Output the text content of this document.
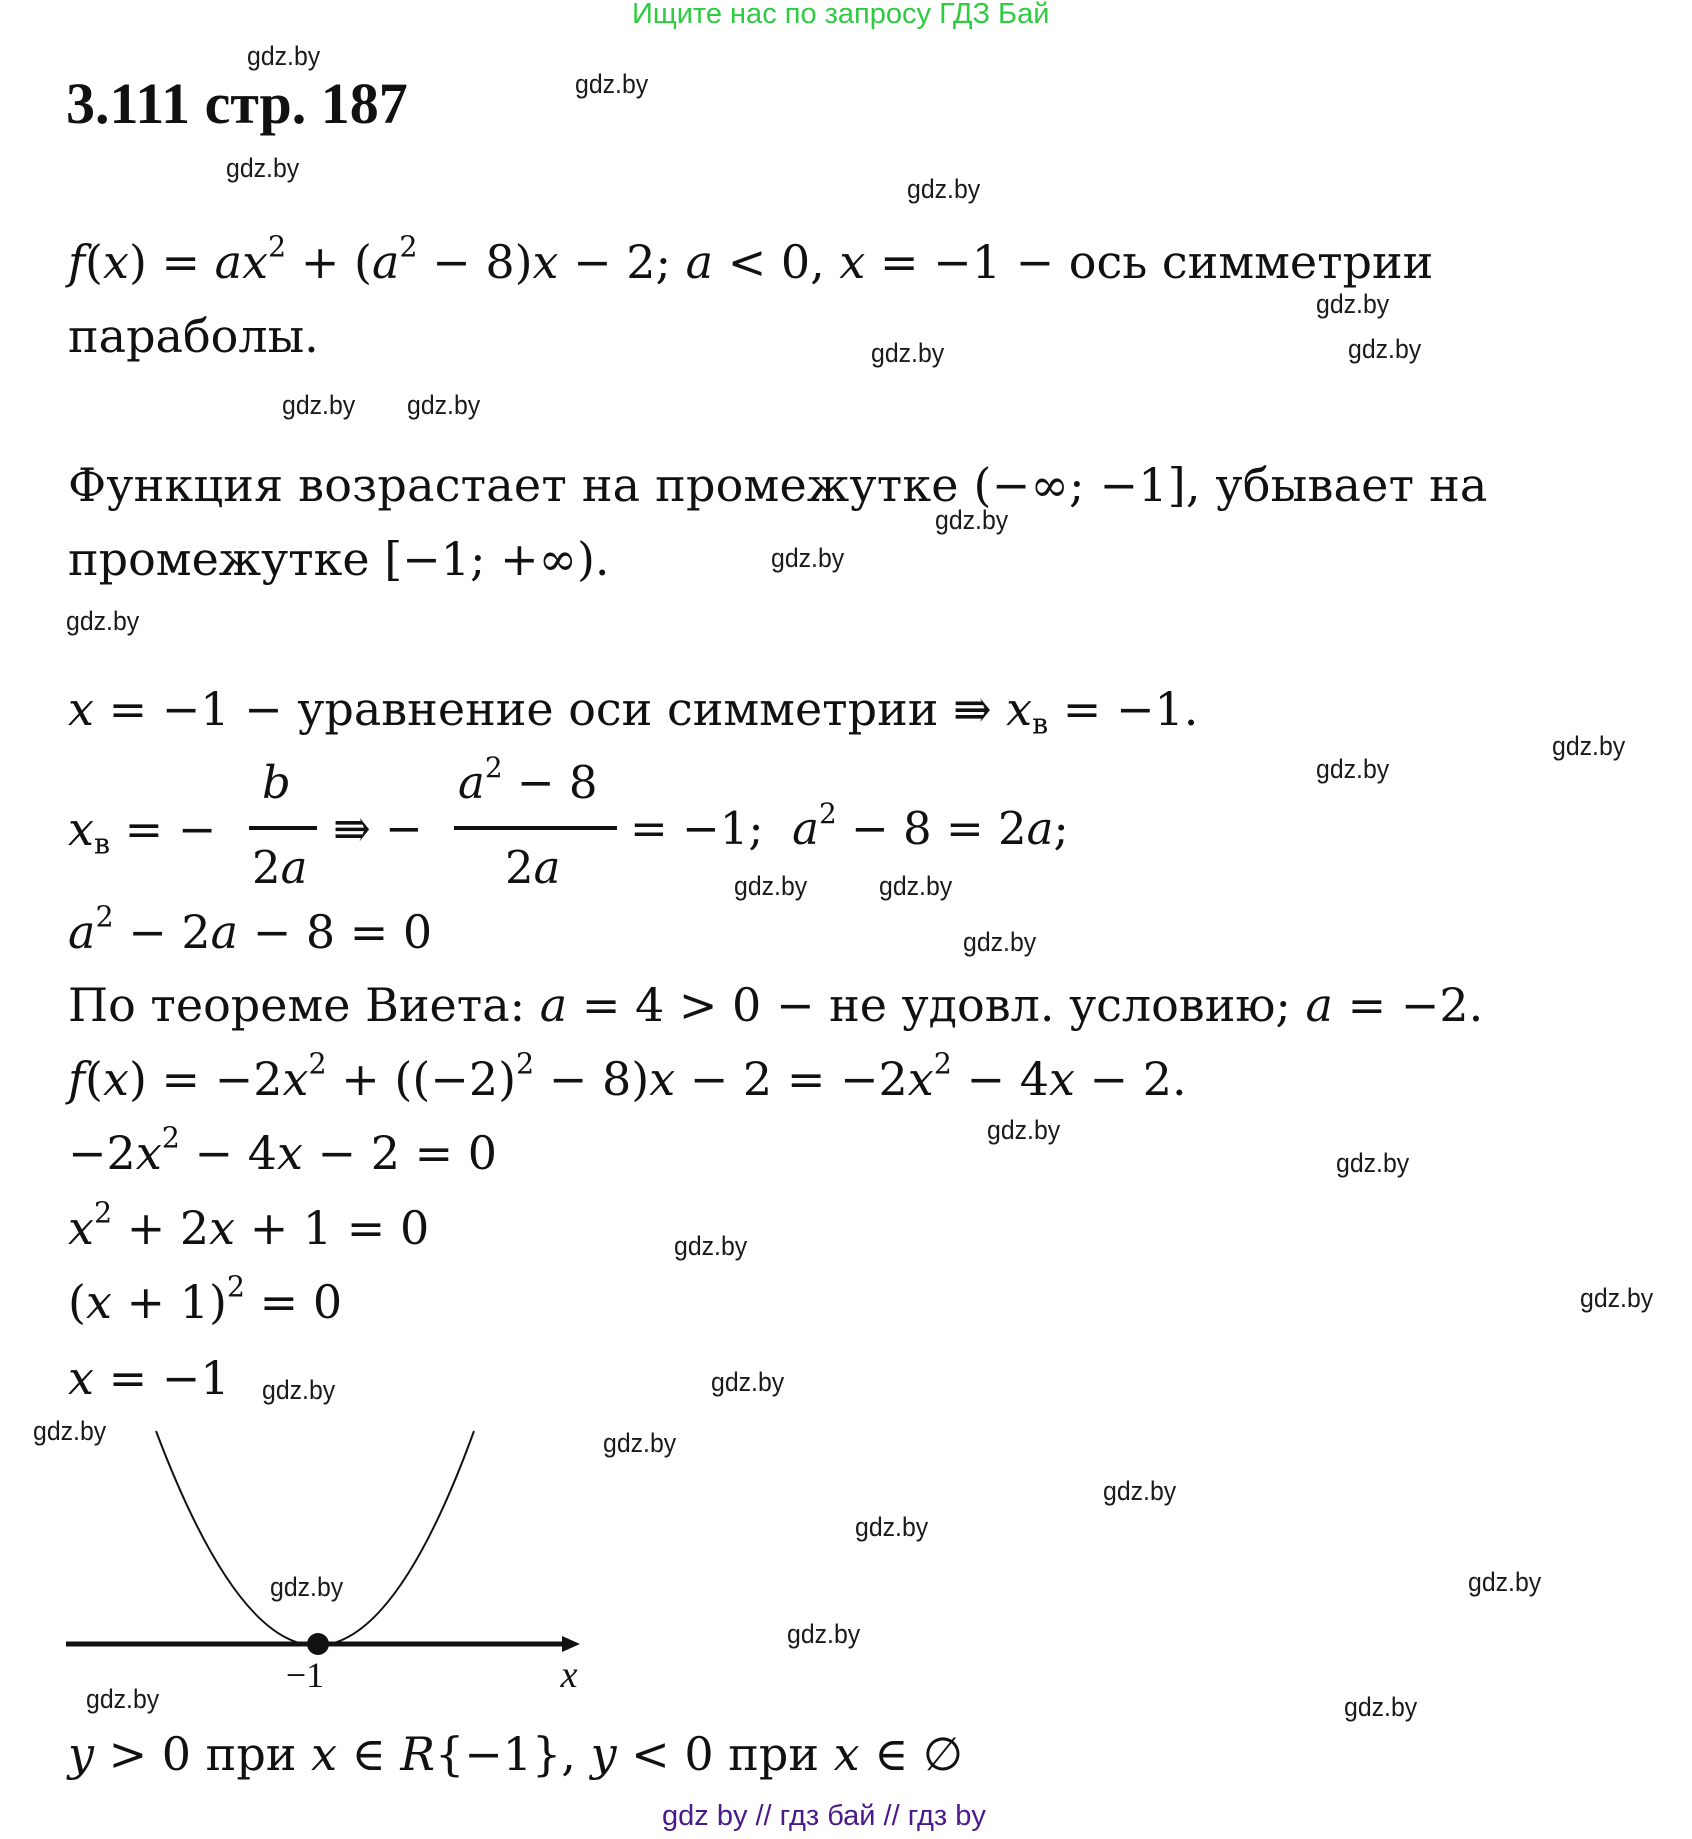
Ищите нас по запросу ГДЗ Бай
3.111 стр. 187
$f(x) = ax^2 + (a^2 - 8)x - 2$; a < 0, x = −1 − ось симметрии
параболы.
Функция возрастает на промежутке (−∞; −1], убывает на
промежутке [−1; +∞).
x = −1 − уравнение оси симметрии ⇛ $x_в = -1$.
$x_в$ = −
b
2a
⇛ −
$a^2 - 8$
2a
= −1;  $a^2 - 8 = 2a$;
$a^2 - 2a - 8 = 0$
По теореме Виета: a = 4 > 0 − не удовл. условию; a = −2.
$f(x) = -2x^2 + ((-2)^2 - 8)x - 2 = -2x^2 - 4x - 2$.
$-2x^2 - 4x - 2 = 0$
$x^2 + 2x + 1 = 0$
$(x + 1)^2 = 0$
x = −1
−1	x
y > 0 при x ∈ R{−1}, y < 0 при x ∈ ∅
gdz.by
gdz.by
gdz.by
gdz.by
gdz.by
gdz.by	gdz.by
gdz.by gdz.by
gdz.by
gdz.by
gdz.by
gdz.by
gdz.by
gdz.by	gdz.by
gdz.by
gdz.by
gdz.by
gdz.by
gdz.by
gdz.by
gdz.by
gdz.by	gdz.by
gdz.by
gdz.by
gdz.by
gdz.by
gdz.by
gdz.by	gdz.by
gdz by // гдз бай // гдз by
